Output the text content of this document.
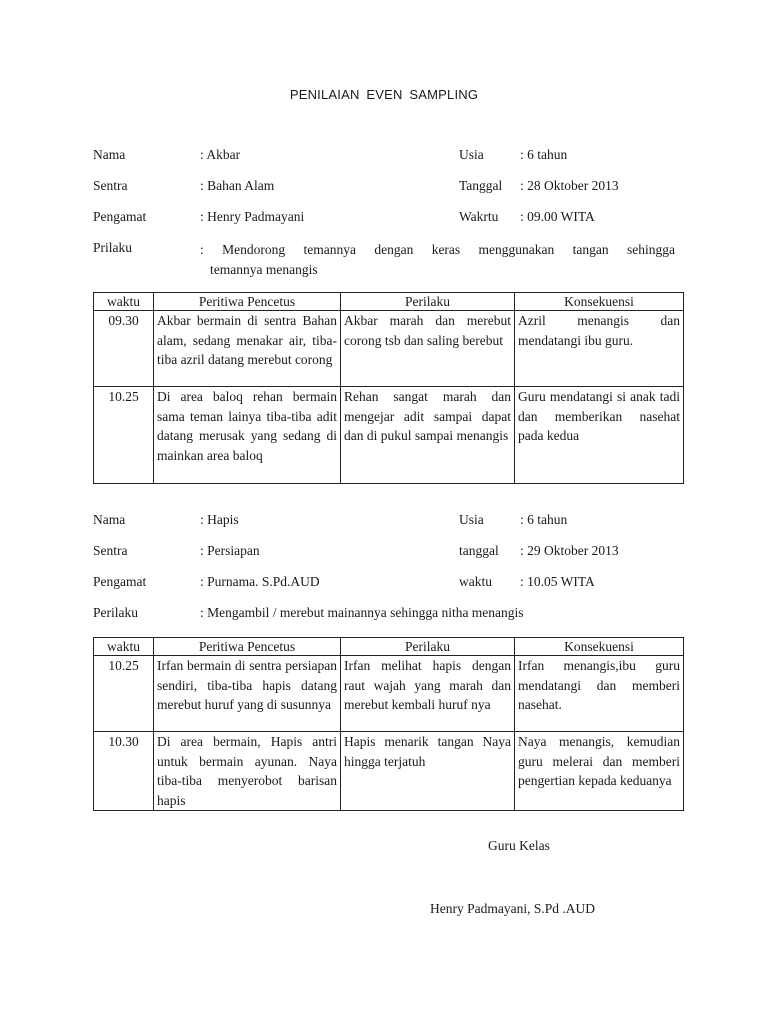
PENILAIAN EVEN SAMPLING
Nama	: Akbar	Usia	: 6 tahun
Sentra	: Bahan Alam	Tanggal : 28 Oktober 2013
Pengamat	: Henry Padmayani	Wakrtu : 09.00 WITA
Prilaku	: Mendorong temannya dengan keras menggunakan tangan sehingga
temannya menangis
waktu	Peritiwa Pencetus	Perilaku	Konsekuensi
09.30	Akbar bermain di sentra Bahan alam, sedang menakar air, tiba-tiba azril datang merebut corong	Akbar marah dan merebut corong tsb dan saling berebut	Azril menangis dan mendatangi ibu guru.
10.25	Di area baloq rehan bermain sama teman lainya tiba-tiba adit datang merusak yang sedang di mainkan area baloq	Rehan sangat marah dan mengejar adit sampai dapat dan di pukul sampai menangis	Guru mendatangi si anak tadi dan memberikan nasehat pada kedua
Nama	: Hapis	Usia	: 6 tahun
Sentra	: Persiapan	tanggal : 29 Oktober 2013
Pengamat	: Purnama. S.Pd.AUD	waktu : 10.05 WITA
Perilaku	: Mengambil / merebut mainannya sehingga nitha menangis
waktu	Peritiwa Pencetus	Perilaku	Konsekuensi
10.25	Irfan bermain di sentra persiapan sendiri, tiba-tiba hapis datang merebut huruf yang di susunnya	Irfan melihat hapis dengan raut wajah yang marah dan merebut kembali huruf nya	Irfan menangis,ibu guru mendatangi dan memberi nasehat.
10.30	Di area bermain, Hapis antri untuk bermain ayunan. Naya tiba-tiba menyerobot barisan hapis	Hapis menarik tangan Naya hingga terjatuh	Naya menangis, kemudian guru melerai dan memberi pengertian kepada keduanya
Guru Kelas
Henry Padmayani, S.Pd .AUD
